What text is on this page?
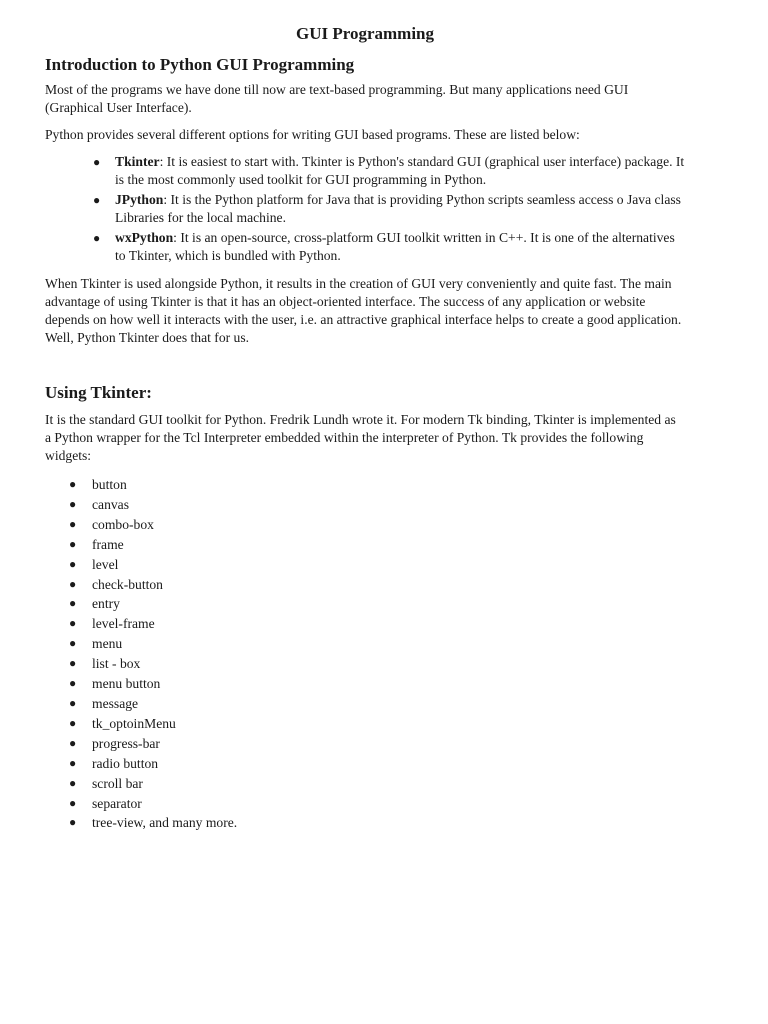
GUI Programming
Introduction to Python GUI Programming

Most of the programs we have done till now are text-based programming. But many applications need GUI (Graphical User Interface).

Python provides several different options for writing GUI based programs. These are listed below:

● Tkinter: It is easiest to start with. Tkinter is Python's standard GUI (graphical user interface) package. It is the most commonly used toolkit for GUI programming in Python.
● JPython: It is the Python platform for Java that is providing Python scripts seamless access o Java class Libraries for the local machine.
● wxPython: It is an open-source, cross-platform GUI toolkit written in C++. It is one of the alternatives to Tkinter, which is bundled with Python.

When Tkinter is used alongside Python, it results in the creation of GUI very conveniently and quite fast. The main advantage of using Tkinter is that it has an object-oriented interface. The success of any application or website depends on how well it interacts with the user, i.e. an attractive graphical interface helps to create a good application. Well, Python Tkinter does that for us.

Using Tkinter:

It is the standard GUI toolkit for Python. Fredrik Lundh wrote it. For modern Tk binding, Tkinter is implemented as a Python wrapper for the Tcl Interpreter embedded within the interpreter of Python. Tk provides the following widgets:

● button
● canvas
● combo-box
● frame
● level
● check-button
● entry
● level-frame
● menu
● list - box
● menu button
● message
● tk_optoinMenu
● progress-bar
● radio button
● scroll bar
● separator
● tree-view, and many more.
